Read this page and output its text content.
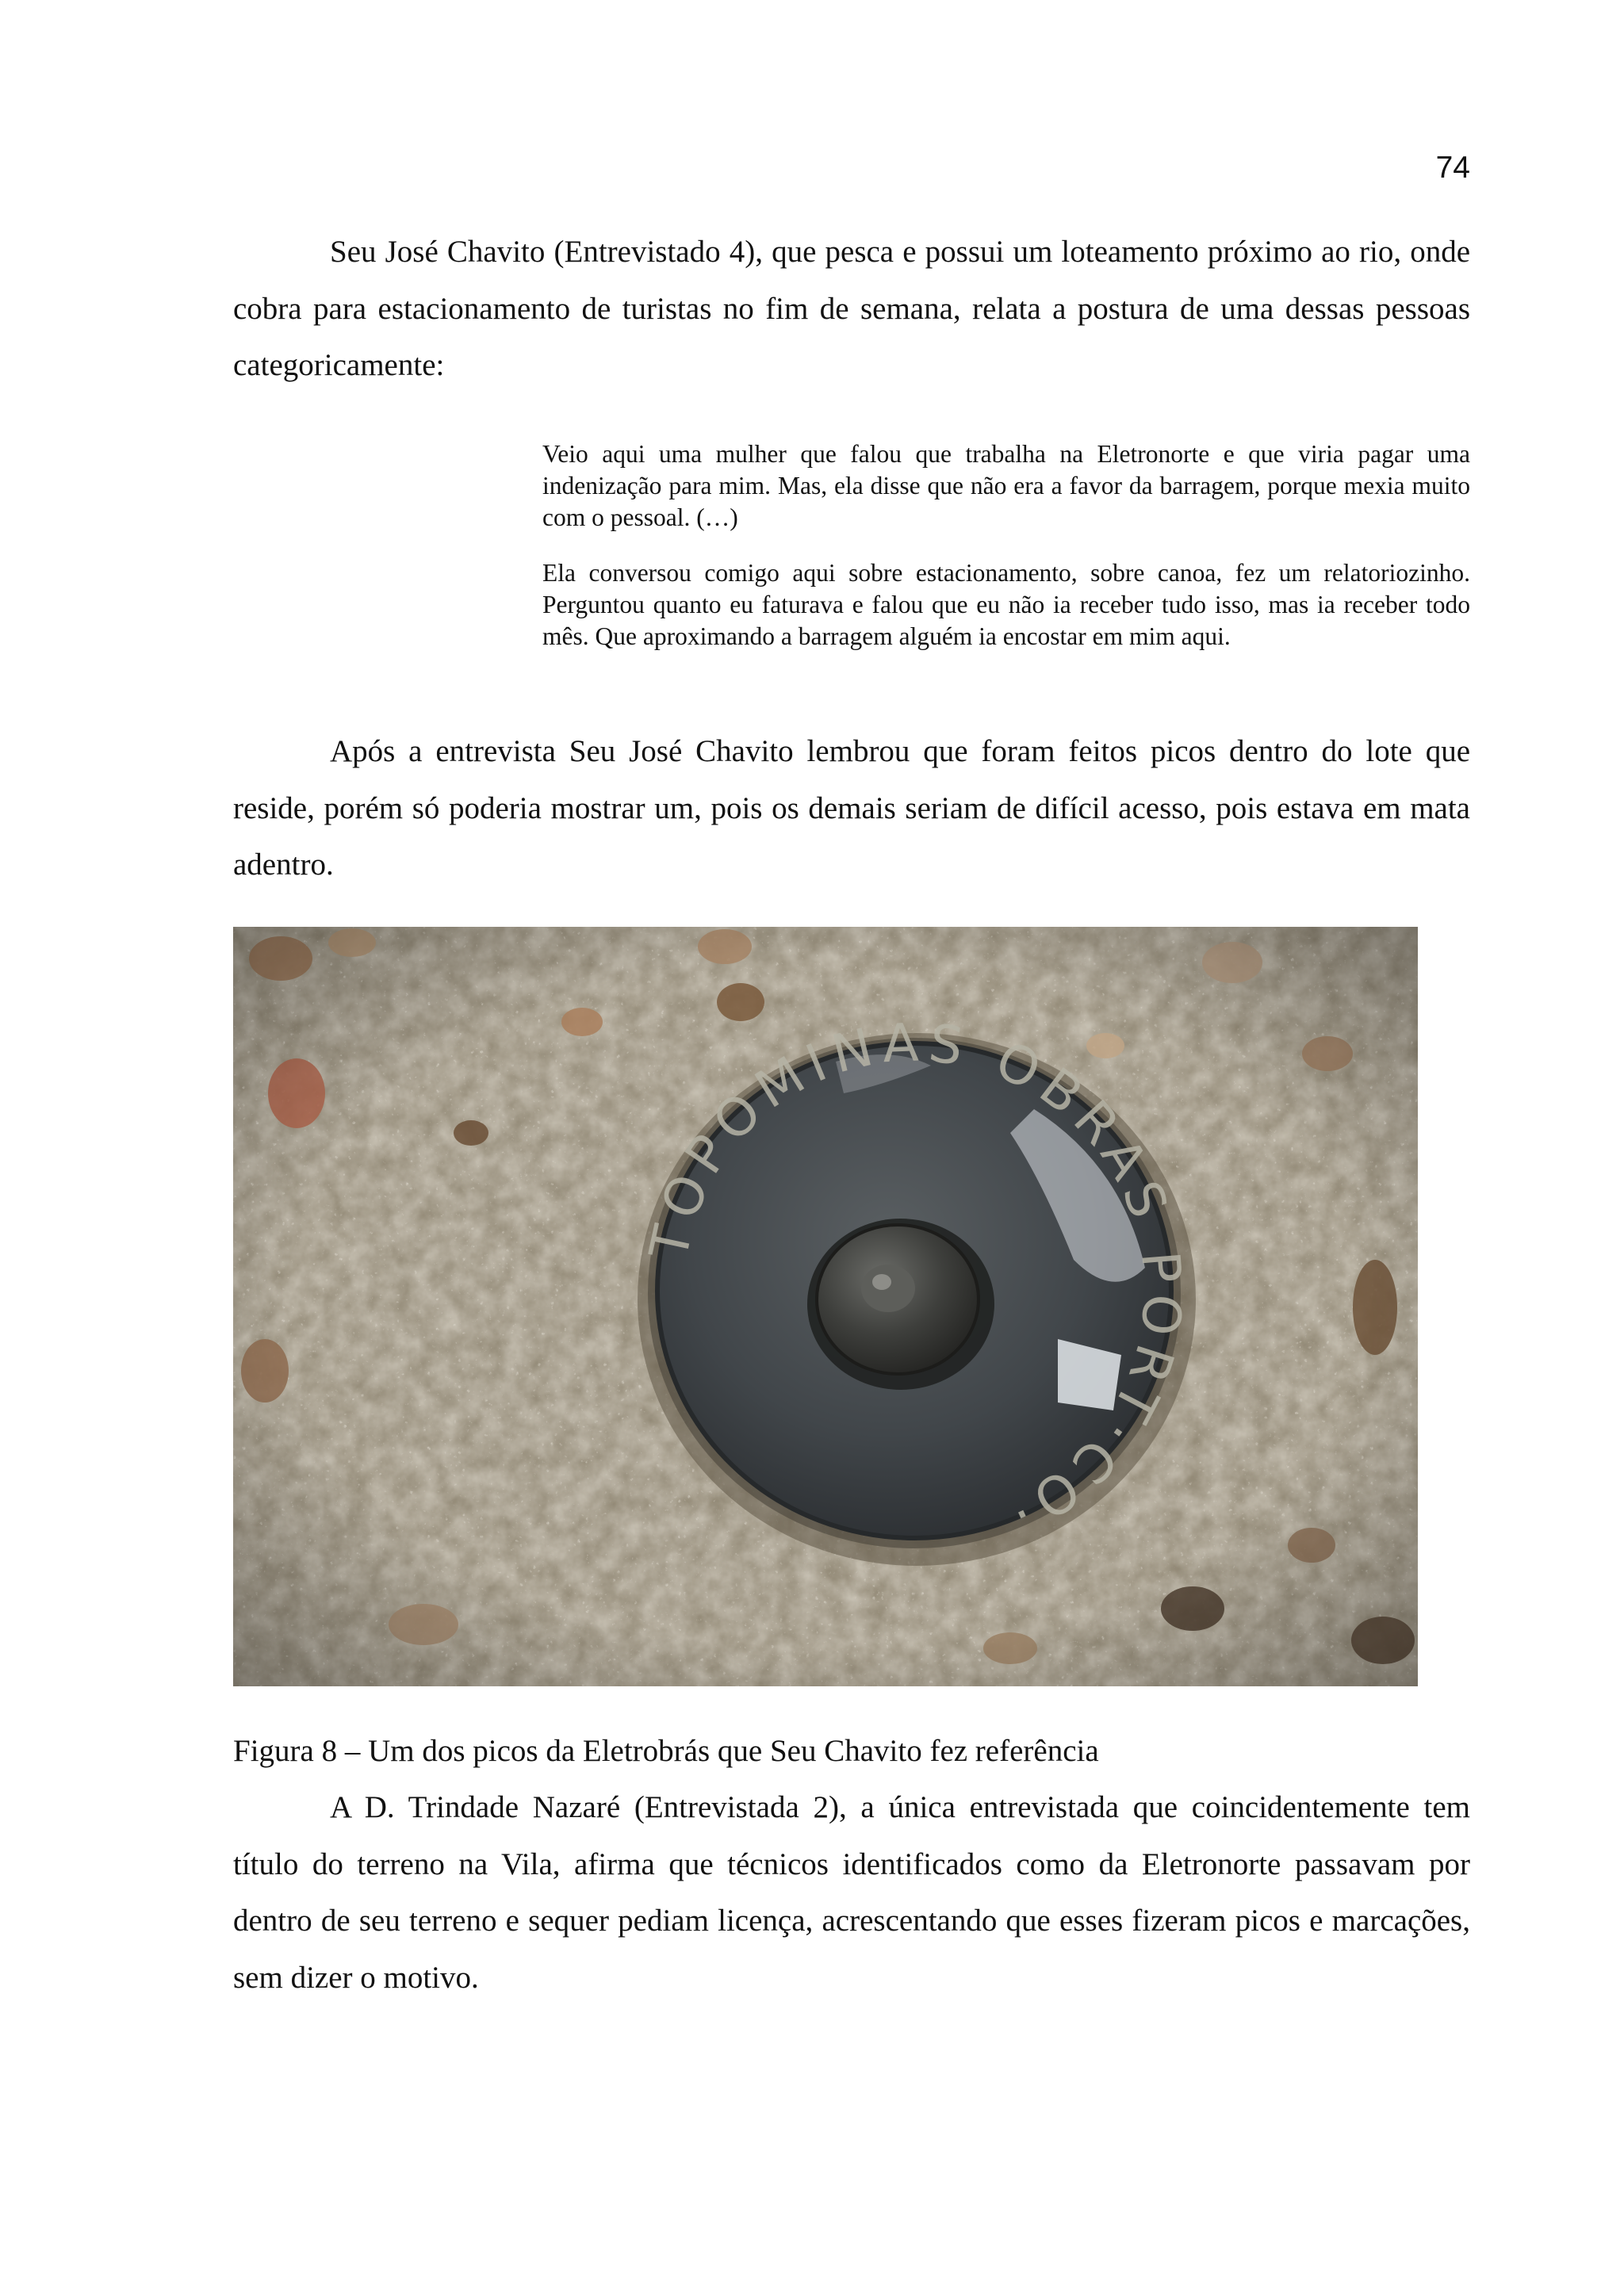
74

Seu José Chavito (Entrevistado 4), que pesca e possui um loteamento próximo ao rio, onde cobra para estacionamento de turistas no fim de semana, relata a postura de uma dessas pessoas categoricamente:

Veio aqui uma mulher que falou que trabalha na Eletronorte e que viria pagar uma indenização para mim. Mas, ela disse que não era a favor da barragem, porque mexia muito com o pessoal. (…)

Ela conversou comigo aqui sobre estacionamento, sobre canoa, fez um relatoriozinho. Perguntou quanto eu faturava e falou que eu não ia receber tudo isso, mas ia receber todo mês. Que aproximando a barragem alguém ia encostar em mim aqui.

Após a entrevista Seu José Chavito lembrou que foram feitos picos dentro do lote que reside, porém só poderia mostrar um, pois os demais seriam de difícil acesso, pois estava em mata adentro.

Figura 8 – Um dos picos da Eletrobrás que Seu Chavito fez referência

A D. Trindade Nazaré (Entrevistada 2), a única entrevistada que coincidentemente tem título do terreno na Vila, afirma que técnicos identificados como da Eletronorte passavam por dentro de seu terreno e sequer pediam licença, acrescentando que esses fizeram picos e marcações, sem dizer o motivo.
